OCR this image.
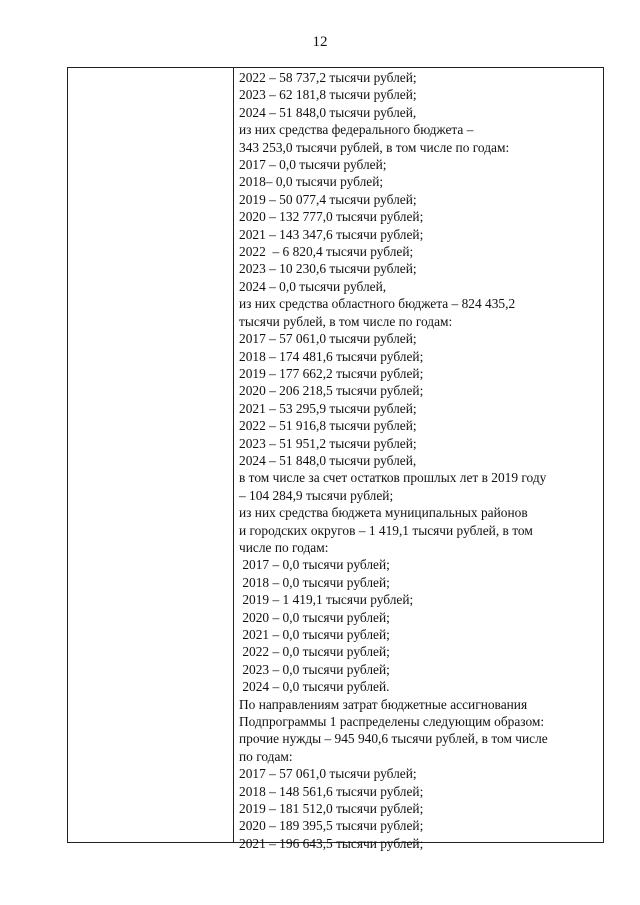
12

2022 – 58 737,2 тысячи рублей;

2023 – 62 181,8 тысячи рублей;

2024 – 51 848,0 тысячи рублей,

из них средства федерального бюджета –

343 253,0 тысячи рублей, в том числе по годам:

2017 – 0,0 тысячи рублей;

2018– 0,0 тысячи рублей;

2019 – 50 077,4 тысячи рублей;

2020 – 132 777,0 тысячи рублей;

2021 – 143 347,6 тысячи рублей;

2022  – 6 820,4 тысячи рублей;

2023 – 10 230,6 тысячи рублей;

2024 – 0,0 тысячи рублей,

из них средства областного бюджета – 824 435,2

тысячи рублей, в том числе по годам:

2017 – 57 061,0 тысячи рублей;

2018 – 174 481,6 тысячи рублей;

2019 – 177 662,2 тысячи рублей;

2020 – 206 218,5 тысячи рублей;

2021 – 53 295,9 тысячи рублей;

2022 – 51 916,8 тысячи рублей;

2023 – 51 951,2 тысячи рублей;

2024 – 51 848,0 тысячи рублей,

в том числе за счет остатков прошлых лет в 2019 году

– 104 284,9 тысячи рублей;

из них средства бюджета муниципальных районов

и городских округов – 1 419,1 тысячи рублей, в том

числе по годам:

2017 – 0,0 тысячи рублей;

2018 – 0,0 тысячи рублей;

2019 – 1 419,1 тысячи рублей;

2020 – 0,0 тысячи рублей;

2021 – 0,0 тысячи рублей;

2022 – 0,0 тысячи рублей;

2023 – 0,0 тысячи рублей;

2024 – 0,0 тысячи рублей.

По направлениям затрат бюджетные ассигнования

Подпрограммы 1 распределены следующим образом:

прочие нужды – 945 940,6 тысячи рублей, в том числе

по годам:

2017 – 57 061,0 тысячи рублей;

2018 – 148 561,6 тысячи рублей;

2019 – 181 512,0 тысячи рублей;

2020 – 189 395,5 тысячи рублей;

2021 – 196 643,5 тысячи рублей;
